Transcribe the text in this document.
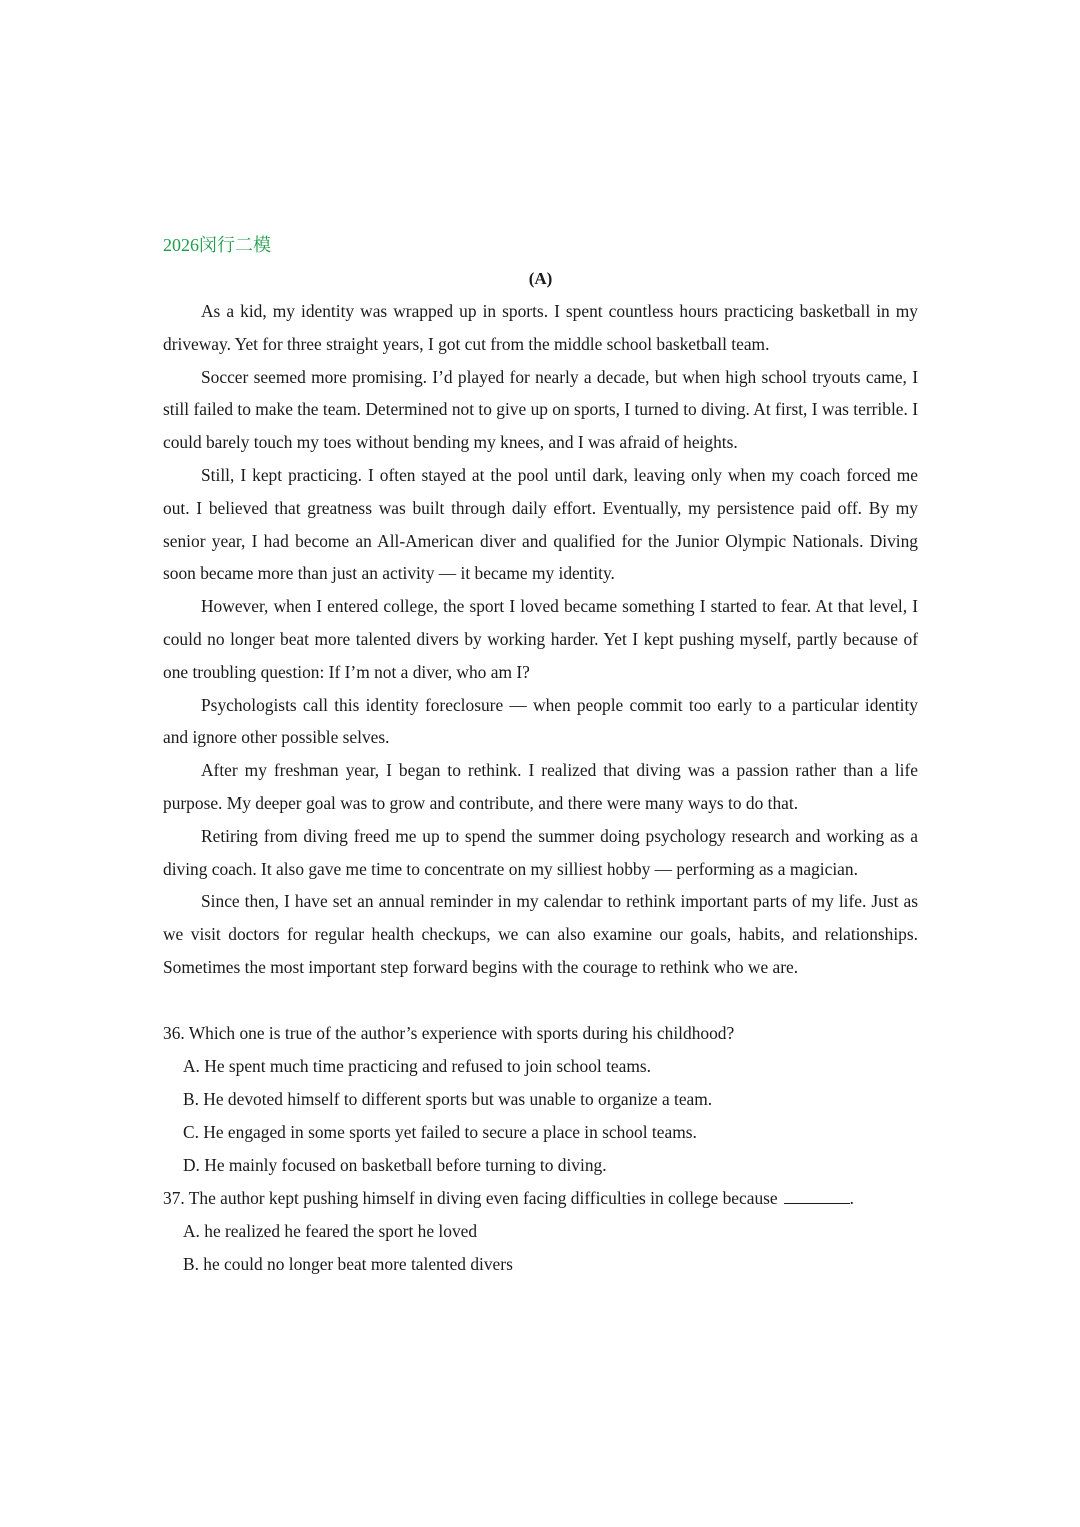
2026闵行二模

(A)

As a kid, my identity was wrapped up in sports. I spent countless hours practicing basketball in my driveway. Yet for three straight years, I got cut from the middle school basketball team.

Soccer seemed more promising. I’d played for nearly a decade, but when high school tryouts came, I still failed to make the team. Determined not to give up on sports, I turned to diving. At first, I was terrible. I could barely touch my toes without bending my knees, and I was afraid of heights.

Still, I kept practicing. I often stayed at the pool until dark, leaving only when my coach forced me out. I believed that greatness was built through daily effort. Eventually, my persistence paid off. By my senior year, I had become an All-American diver and qualified for the Junior Olympic Nationals. Diving soon became more than just an activity — it became my identity.

However, when I entered college, the sport I loved became something I started to fear. At that level, I could no longer beat more talented divers by working harder. Yet I kept pushing myself, partly because of one troubling question: If I’m not a diver, who am I?

Psychologists call this identity foreclosure — when people commit too early to a particular identity and ignore other possible selves.

After my freshman year, I began to rethink. I realized that diving was a passion rather than a life purpose. My deeper goal was to grow and contribute, and there were many ways to do that.

Retiring from diving freed me up to spend the summer doing psychology research and working as a diving coach. It also gave me time to concentrate on my silliest hobby — performing as a magician.

Since then, I have set an annual reminder in my calendar to rethink important parts of my life. Just as we visit doctors for regular health checkups, we can also examine our goals, habits, and relationships. Sometimes the most important step forward begins with the courage to rethink who we are.

36. Which one is true of the author’s experience with sports during his childhood?

A. He spent much time practicing and refused to join school teams.

B. He devoted himself to different sports but was unable to organize a team.

C. He engaged in some sports yet failed to secure a place in school teams.

D. He mainly focused on basketball before turning to diving.

37. The author kept pushing himself in diving even facing difficulties in college because	.

A. he realized he feared the sport he loved

B. he could no longer beat more talented divers
